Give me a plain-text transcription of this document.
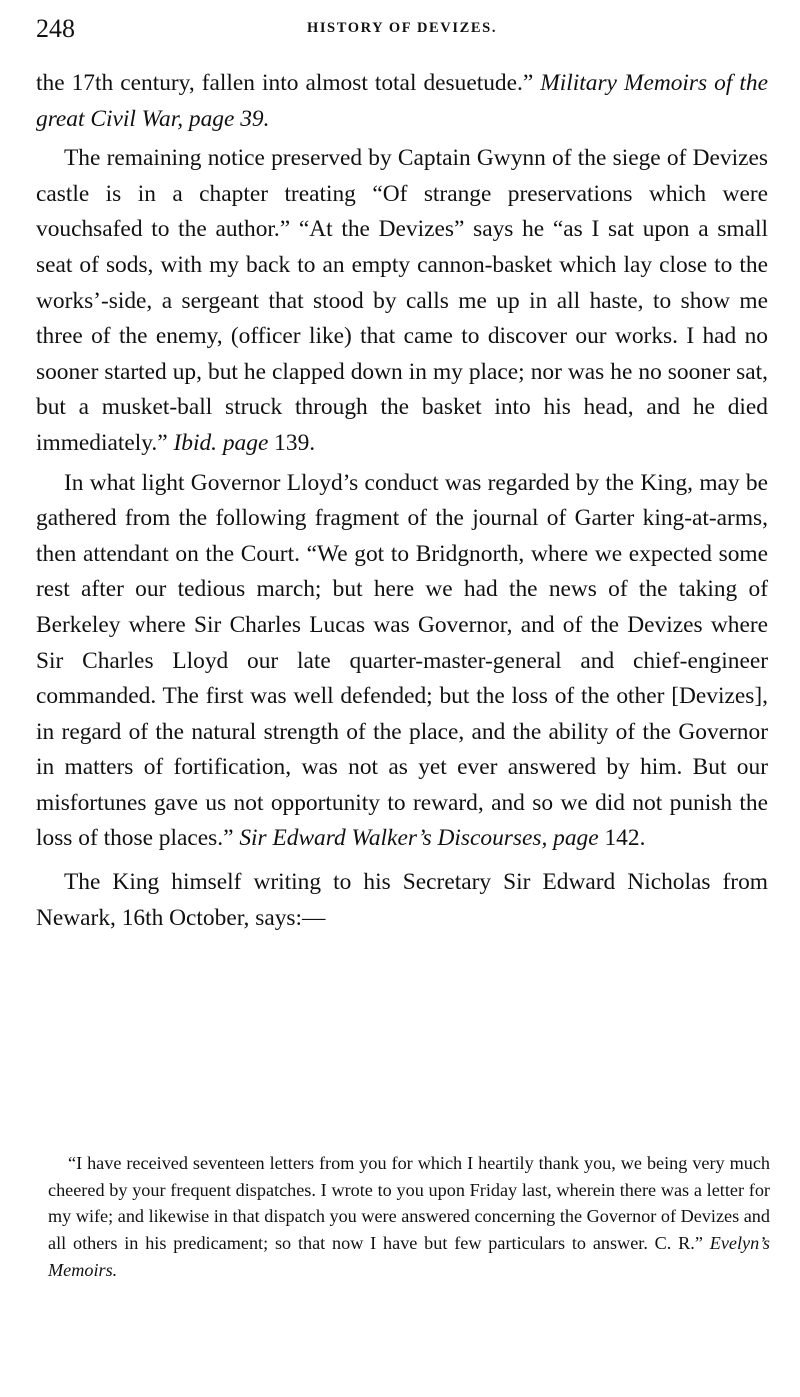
248	HISTORY OF DEVIZES.

the 17th century, fallen into almost total desuetude.” Military Memoirs of the great Civil War, page 39.

The remaining notice preserved by Captain Gwynn of the siege of Devizes castle is in a chapter treating “Of strange preservations which were vouchsafed to the author.” “At the Devizes” says he “as I sat upon a small seat of sods, with my back to an empty cannon-basket which lay close to the works’-side, a sergeant that stood by calls me up in all haste, to show me three of the enemy, (officer like) that came to discover our works. I had no sooner started up, but he clapped down in my place; nor was he no sooner sat, but a musket-ball struck through the basket into his head, and he died immediately.” Ibid. page 139.

In what light Governor Lloyd’s conduct was regarded by the King, may be gathered from the following fragment of the journal of Garter king-at-arms, then attendant on the Court. “We got to Bridgnorth, where we expected some rest after our tedious march; but here we had the news of the taking of Berkeley where Sir Charles Lucas was Governor, and of the Devizes where Sir Charles Lloyd our late quarter-master-general and chief-engineer commanded. The first was well defended; but the loss of the other [Devizes], in regard of the natural strength of the place, and the ability of the Governor in matters of fortification, was not as yet ever answered by him. But our misfortunes gave us not opportunity to reward, and so we did not punish the loss of those places.” Sir Edward Walker’s Discourses, page 142.

The King himself writing to his Secretary Sir Edward Nicholas from Newark, 16th October, says:—

“I have received seventeen letters from you for which I heartily thank you, we being very much cheered by your frequent dispatches. I wrote to you upon Friday last, wherein there was a letter for my wife; and likewise in that dispatch you were answered concerning the Governor of Devizes and all others in his predicament; so that now I have but few particulars to answer. C. R.” Evelyn’s Memoirs.
